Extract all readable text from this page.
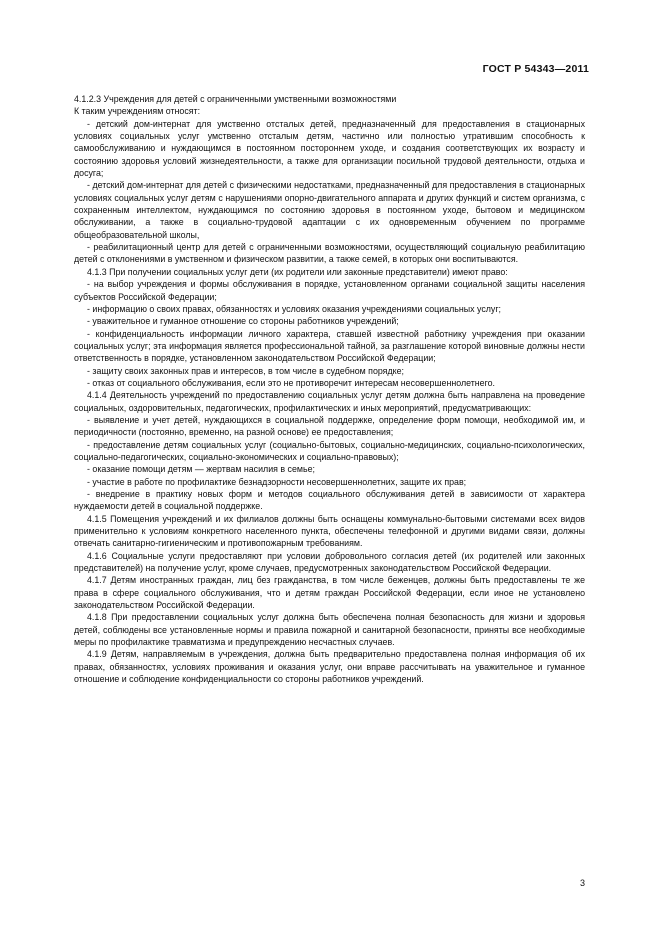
ГОСТ Р 54343—2011

4.1.2.3 Учреждения для детей с ограниченными умственными возможностями

К таким учреждениям относят:

- детский дом-интернат для умственно отсталых детей, предназначенный для предоставления в стационарных условиях социальных услуг умственно отсталым детям, частично или полностью утратившим способность к самообслуживанию и нуждающимся в постоянном постороннем уходе, и создания соответствующих их возрасту и состоянию здоровья условий жизнедеятельности, а также для организации посильной трудовой деятельности, отдыха и досуга;

- детский дом-интернат для детей с физическими недостатками, предназначенный для предоставления в стационарных условиях социальных услуг детям с нарушениями опорно-двигательного аппарата и других функций и систем организма, с сохраненным интеллектом, нуждающимся по состоянию здоровья в постоянном уходе, бытовом и медицинском обслуживании, а также в социально-трудовой адаптации с их одновременным обучением по программе общеобразовательной школы,

- реабилитационный центр для детей с ограниченными возможностями, осуществляющий социальную реабилитацию детей с отклонениями в умственном и физическом развитии, а также семей, в которых они воспитываются.

4.1.3 При получении социальных услуг дети (их родители или законные представители) имеют право:

- на выбор учреждения и формы обслуживания в порядке, установленном органами социальной защиты населения субъектов Российской Федерации;

- информацию о своих правах, обязанностях и условиях оказания учреждениями социальных услуг;

- уважительное и гуманное отношение со стороны работников учреждений;

- конфиденциальность информации личного характера, ставшей известной работнику учреждения при оказании социальных услуг; эта информация является профессиональной тайной, за разглашение которой виновные должны нести ответственность в порядке, установленном законодательством Российской Федерации;

- защиту своих законных прав и интересов, в том числе в судебном порядке;

- отказ от социального обслуживания, если это не противоречит интересам несовершеннолетнего.

4.1.4 Деятельность учреждений по предоставлению социальных услуг детям должна быть направлена на проведение социальных, оздоровительных, педагогических, профилактических и иных мероприятий, предусматривающих:

- выявление и учет детей, нуждающихся в социальной поддержке, определение форм помощи, необходимой им, и периодичности (постоянно, временно, на разной основе) ее предоставления;

- предоставление детям социальных услуг (социально-бытовых, социально-медицинских, социально-психологических, социально-педагогических, социально-экономических и социально-правовых);

- оказание помощи детям — жертвам насилия в семье;

- участие в работе по профилактике безнадзорности несовершеннолетних, защите их прав;

- внедрение в практику новых форм и методов социального обслуживания детей в зависимости от характера нуждаемости детей в социальной поддержке.

4.1.5 Помещения учреждений и их филиалов должны быть оснащены коммунально-бытовыми системами всех видов применительно к условиям конкретного населенного пункта, обеспечены телефонной и другими видами связи, должны отвечать санитарно-гигиеническим и противопожарным требованиям.

4.1.6 Социальные услуги предоставляют при условии добровольного согласия детей (их родителей или законных представителей) на получение услуг, кроме случаев, предусмотренных законодательством Российской Федерации.

4.1.7 Детям иностранных граждан, лиц без гражданства, в том числе беженцев, должны быть предоставлены те же права в сфере социального обслуживания, что и детям граждан Российской Федерации, если иное не установлено законодательством Российской Федерации.

4.1.8 При предоставлении социальных услуг должна быть обеспечена полная безопасность для жизни и здоровья детей, соблюдены все установленные нормы и правила пожарной и санитарной безопасности, приняты все необходимые меры по профилактике травматизма и предупреждению несчастных случаев.

4.1.9 Детям, направляемым в учреждения, должна быть предварительно предоставлена полная информация об их правах, обязанностях, условиях проживания и оказания услуг, они вправе рассчитывать на уважительное и гуманное отношение и соблюдение конфиденциальности со стороны работников учреждений.

3
